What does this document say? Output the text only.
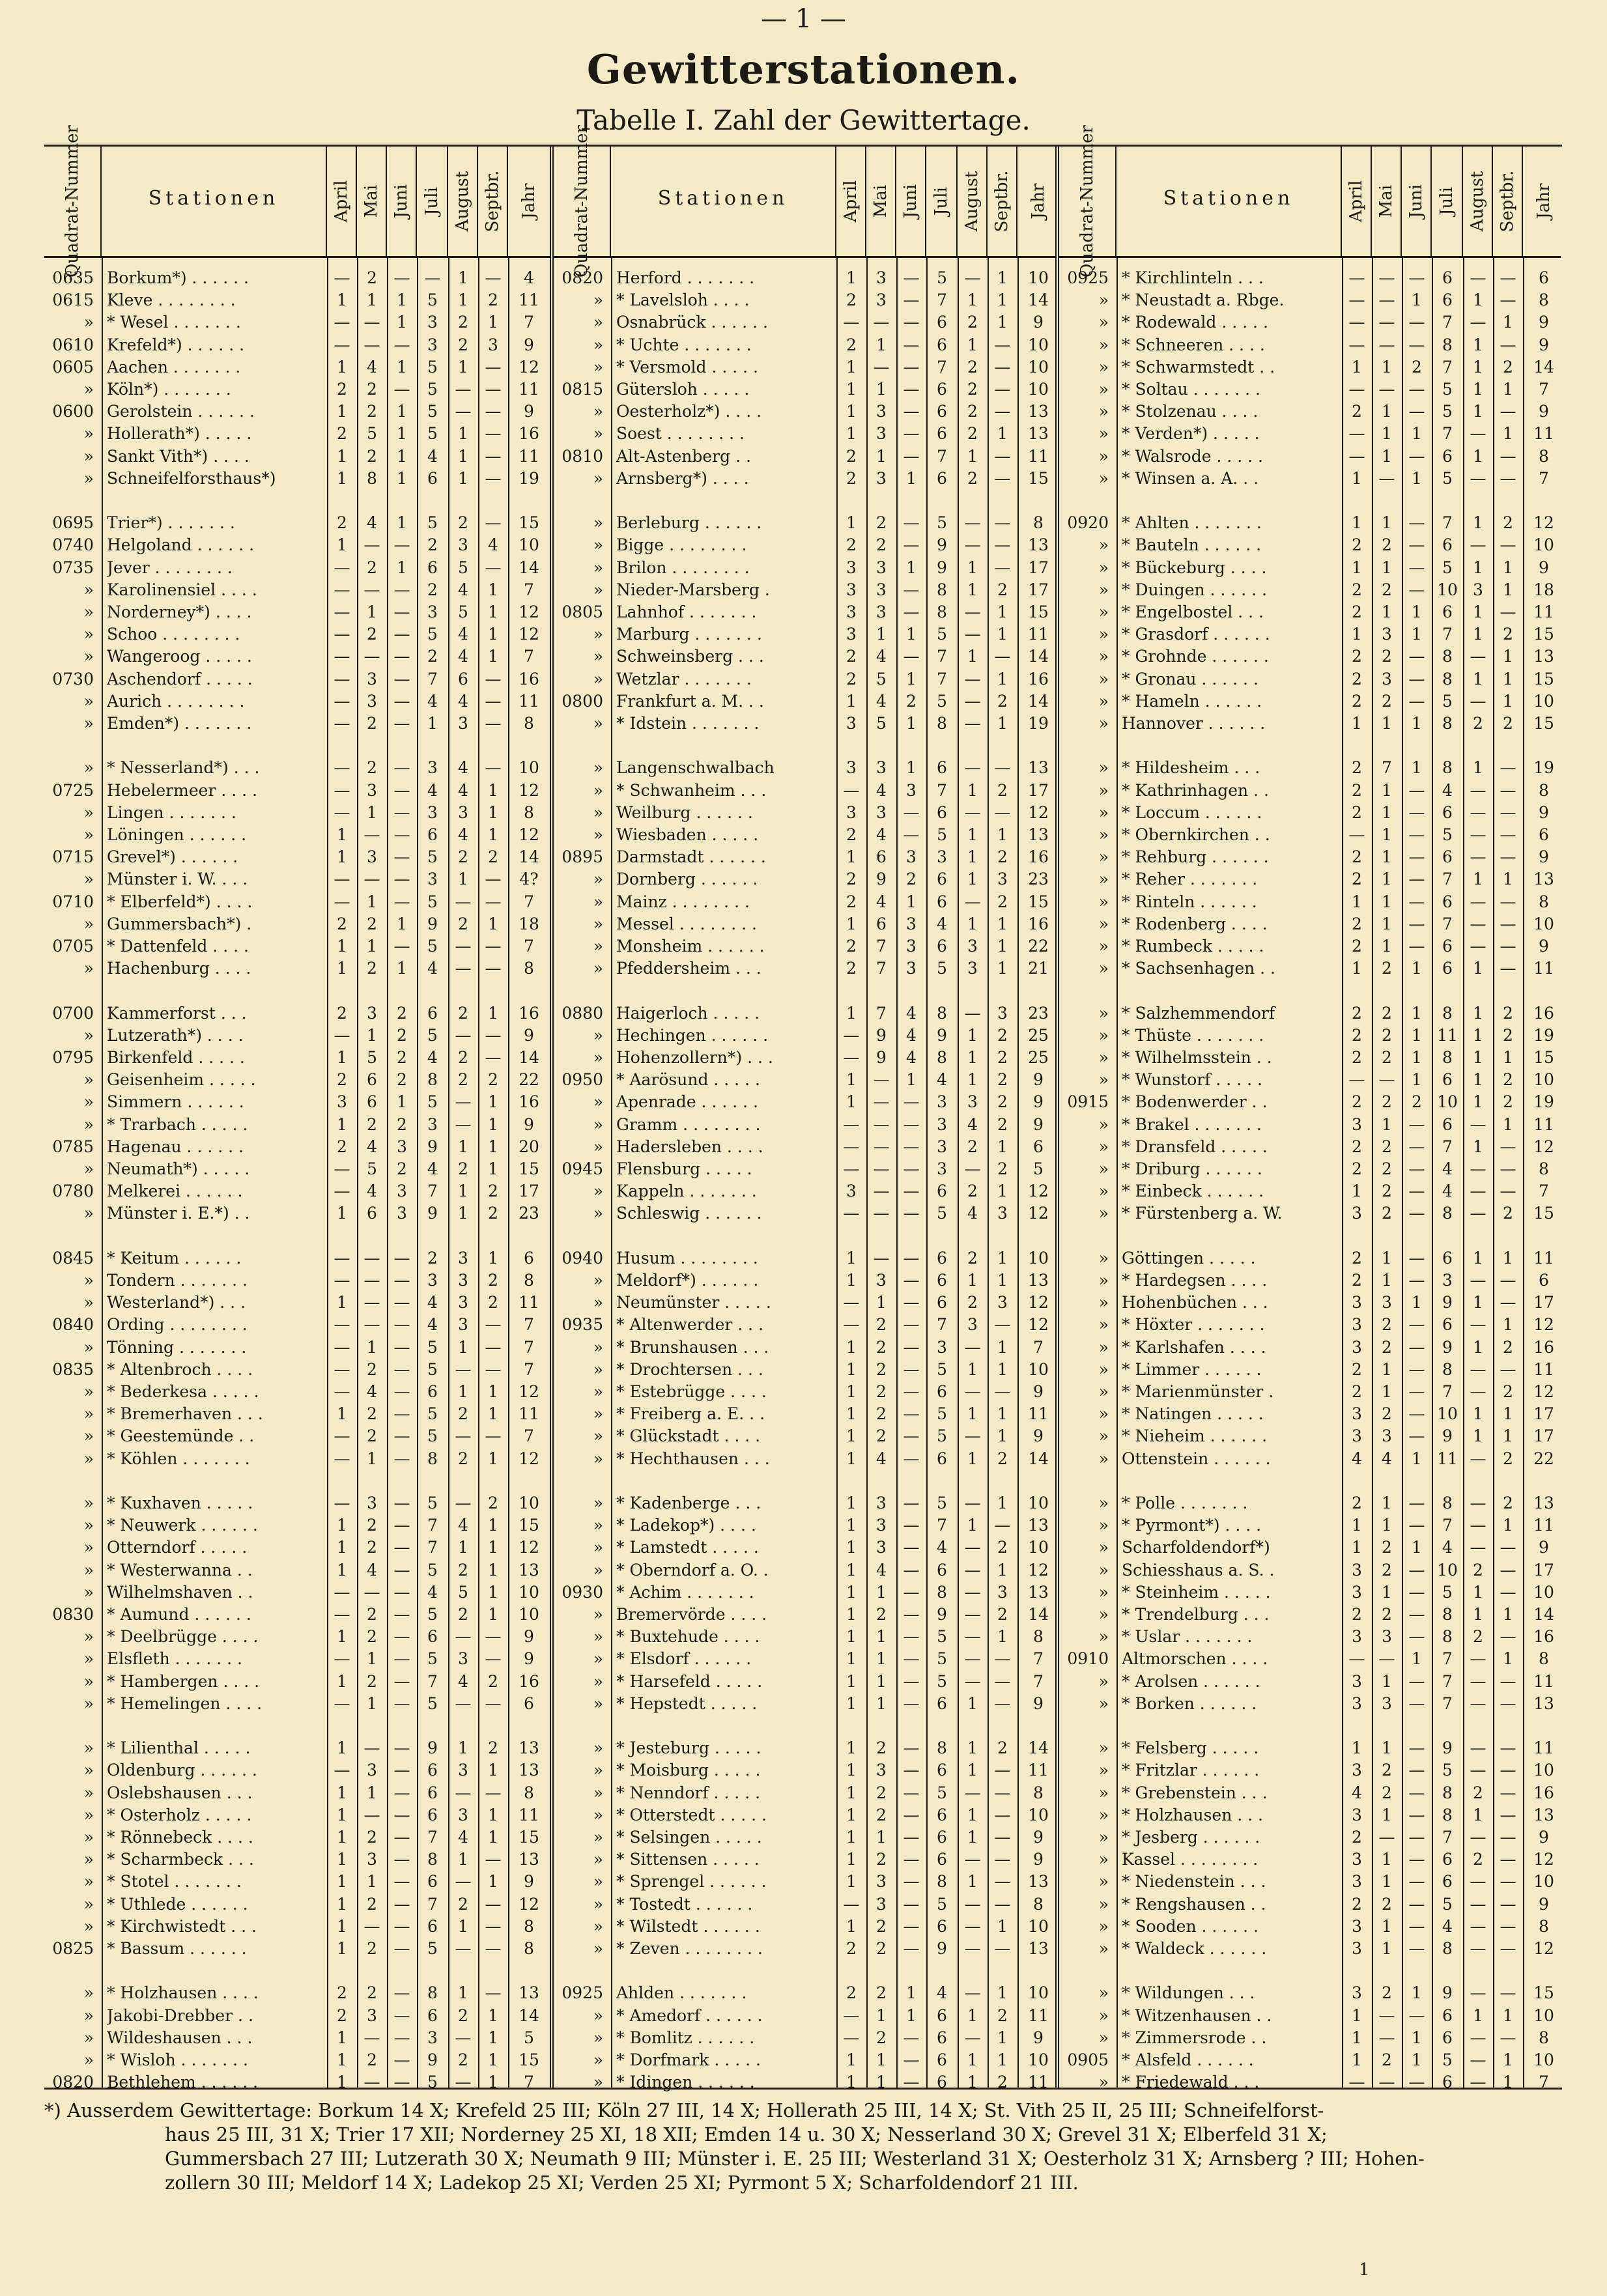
— 1 —
Gewitterstationen.
Tabelle I. Zahl der Gewittertage.
Quadrat-Nummer	Stationen	April Mai Juni Juli August Septbr. Jahr
0635 Borkum*) . . . . . .	—	2	— —	1	—	4
0615 Kleve . . . . . . . .	1	1	1	5	1	2	11
» * Wesel . . . . . . .	— —	1	3	2	1	7
0610 Krefeld*) . . . . . .	— — —	3	2	3	9
0605 Aachen . . . . . . .	1	4	1	5	1	—	12
» Köln*) . . . . . . .	2	2	—	5	— —	11
0600 Gerolstein . . . . . .	1	2	1	5	— —	9
» Hollerath*) . . . . .	2	5	1	5	1	—	16
» Sankt Vith*) . . . .	1	2	1	4	1	—	11
» Schneifelforsthaus*)	1	8	1	6	1	—	19
0695 Trier*) . . . . . . .	2	4	1	5	2	—	15
0740 Helgoland . . . . . .	1	— —	2	3	4	10
0735 Jever . . . . . . . .	—	2	1	6	5	—	14
» Karolinensiel . . . .	— — —	2	4	1	7
» Norderney*) . . . .	—	1	—	3	5	1	12
» Schoo . . . . . . . .	—	2	—	5	4	1	12
» Wangeroog . . . . .	— — —	2	4	1	7
0730 Aschendorf . . . . .	—	3	—	7	6	—	16
» Aurich . . . . . . . .	—	3	—	4	4	—	11
» Emden*) . . . . . . .	—	2	—	1	3	—	8
» * Nesserland*) . . .	—	2	—	3	4	—	10
0725 Hebelermeer . . . .	—	3	—	4	4	1	12
» Lingen . . . . . . .	—	1	—	3	3	1	8
» Löningen . . . . . .	1	— —	6	4	1	12
0715 Grevel*) . . . . . .	1	3	—	5	2	2	14
» Münster i. W. . . .	— — —	3	1	—	4?
0710 * Elberfeld*) . . . .	—	1	—	5	— —	7
» Gummersbach*) .	2	2	1	9	2	1	18
0705 * Dattenfeld . . . .	1	1	—	5	— —	7
» Hachenburg . . . .	1	2	1	4	— —	8
0700 Kammerforst . . .	2	3	2	6	2	1	16
» Lutzerath*) . . . .	—	1	2	5	— —	9
0795 Birkenfeld . . . . .	1	5	2	4	2	—	14
» Geisenheim . . . . .	2	6	2	8	2	2	22
» Simmern . . . . . .	3	6	1	5	—	1	16
» * Trarbach . . . . .	1	2	2	3	—	1	9
0785 Hagenau . . . . . .	2	4	3	9	1	1	20
» Neumath*) . . . . .	—	5	2	4	2	1	15
0780 Melkerei . . . . . .	—	4	3	7	1	2	17
» Münster i. E.*) . .	1	6	3	9	1	2	23
0845 * Keitum . . . . . .	— — —	2	3	1	6
» Tondern . . . . . . .	— — —	3	3	2	8
» Westerland*) . . .	1	— —	4	3	2	11
0840 Ording . . . . . . . .	— — —	4	3	—	7
» Tönning . . . . . . .	—	1	—	5	1	—	7
0835 * Altenbroch . . . .	—	2	—	5	— —	7
» * Bederkesa . . . . .	—	4	—	6	1	1	12
» * Bremerhaven . . .	1	2	—	5	2	1	11
» * Geestemünde . .	—	2	—	5	— —	7
» * Köhlen . . . . . . .	—	1	—	8	2	1	12
» * Kuxhaven . . . . .	—	3	—	5	—	2	10
» * Neuwerk . . . . . .	1	2	—	7	4	1	15
» Otterndorf . . . . .	1	2	—	7	1	1	12
» * Westerwanna . .	1	4	—	5	2	1	13
» Wilhelmshaven . .	— — —	4	5	1	10
0830 * Aumund . . . . . .	—	2	—	5	2	1	10
» * Deelbrügge . . . .	1	2	—	6	— —	9
» Elsfleth . . . . . . .	—	1	—	5	3	—	9
» * Hambergen . . . .	1	2	—	7	4	2	16
» * Hemelingen . . . .	—	1	—	5	— —	6
» * Lilienthal . . . . .	1	— —	9	1	2	13
» Oldenburg . . . . . .	—	3	—	6	3	1	13
» Oslebshausen . . .	1	1	—	6	— —	8
» * Osterholz . . . . .	1	— —	6	3	1	11
» * Rönnebeck . . . .	1	2	—	7	4	1	15
» * Scharmbeck . . .	1	3	—	8	1	—	13
» * Stotel . . . . . . .	1	1	—	6	—	1	9
» * Uthlede . . . . . .	1	2	—	7	2	—	12
» * Kirchwistedt . . .	1	— —	6	1	—	8
0825 * Bassum . . . . . .	1	2	—	5	— —	8
» * Holzhausen . . . .	2	2	—	8	1	—	13
» Jakobi-Drebber . .	2	3	—	6	2	1	14
» Wildeshausen . . .	1	— —	3	—	1	5
» * Wisloh . . . . . . .	1	2	—	9	2	1	15
0820 Bethlehem . . . . . .	1	— —	5	—	1	7
Quadrat-Nummer	Stationen	April Mai Juni Juli August Septbr. Jahr
0820 Herford . . . . . . .	1	3	—	5	—	1	10
» * Lavelsloh . . . .	2	3	—	7	1	1	14
» Osnabrück . . . . . .	— — —	6	2	1	9
» * Uchte . . . . . . .	2	1	—	6	1	—	10
» * Versmold . . . . .	1	— —	7	2	—	10
0815 Gütersloh . . . . .	1	1	—	6	2	—	10
» Oesterholz*) . . . .	1	3	—	6	2	—	13
» Soest . . . . . . . .	1	3	—	6	2	1	13
0810 Alt-Astenberg . .	2	1	—	7	1	—	11
» Arnsberg*) . . . .	2	3	1	6	2	—	15
» Berleburg . . . . . .	1	2	—	5	— —	8
» Bigge . . . . . . . .	2	2	—	9	— —	13
» Brilon . . . . . . . .	3	3	1	9	1	—	17
» Nieder-Marsberg .	3	3	—	8	1	2	17
0805 Lahnhof . . . . . . .	3	3	—	8	—	1	15
» Marburg . . . . . . .	3	1	1	5	—	1	11
» Schweinsberg . . .	2	4	—	7	1	—	14
» Wetzlar . . . . . . .	2	5	1	7	—	1	16
0800 Frankfurt a. M. . .	1	4	2	5	—	2	14
» * Idstein . . . . . . .	3	5	1	8	—	1	19
» Langenschwalbach	3	3	1	6	— —	13
» * Schwanheim . . .	—	4	3	7	1	2	17
» Weilburg . . . . . .	3	3	—	6	— —	12
» Wiesbaden . . . . .	2	4	—	5	1	1	13
0895 Darmstadt . . . . . .	1	6	3	3	1	2	16
» Dornberg . . . . . .	2	9	2	6	1	3	23
» Mainz . . . . . . . .	2	4	1	6	—	2	15
» Messel . . . . . . . .	1	6	3	4	1	1	16
» Monsheim . . . . . .	2	7	3	6	3	1	22
» Pfeddersheim . . .	2	7	3	5	3	1	21
0880 Haigerloch . . . . .	1	7	4	8	—	3	23
» Hechingen . . . . . .	—	9	4	9	1	2	25
» Hohenzollern*) . . .	—	9	4	8	1	2	25
0950 * Aarösund . . . . .	1	—	1	4	1	2	9
» Apenrade . . . . . .	1	— —	3	3	2	9
» Gramm . . . . . . . .	— — —	3	4	2	9
» Hadersleben . . . .	— — —	3	2	1	6
0945 Flensburg . . . . .	— — —	3	—	2	5
» Kappeln . . . . . . .	3	— —	6	2	1	12
» Schleswig . . . . . .	— — —	5	4	3	12
0940 Husum . . . . . . . .	1	— —	6	2	1	10
» Meldorf*) . . . . . .	1	3	—	6	1	1	13
» Neumünster . . . . .	—	1	—	6	2	3	12
0935 * Altenwerder . . .	—	2	—	7	3	—	12
» * Brunshausen . . .	1	2	—	3	—	1	7
» * Drochtersen . . .	1	2	—	5	1	1	10
» * Estebrügge . . . .	1	2	—	6	— —	9
» * Freiberg a. E. . .	1	2	—	5	1	1	11
» * Glückstadt . . . .	1	2	—	5	—	1	9
» * Hechthausen . . .	1	4	—	6	1	2	14
» * Kadenberge . . .	1	3	—	5	—	1	10
» * Ladekop*) . . . .	1	3	—	7	1	—	13
» * Lamstedt . . . . .	1	3	—	4	—	2	10
» * Oberndorf a. O. .	1	4	—	6	—	1	12
0930 * Achim . . . . . . .	1	1	—	8	—	3	13
» Bremervörde . . . .	1	2	—	9	—	2	14
» * Buxtehude . . . .	1	1	—	5	—	1	8
» * Elsdorf . . . . . .	1	1	—	5	— —	7
» * Harsefeld . . . . .	1	1	—	5	— —	7
» * Hepstedt . . . . .	1	1	—	6	1	—	9
» * Jesteburg . . . . .	1	2	—	8	1	2	14
» * Moisburg . . . . .	1	3	—	6	1	—	11
» * Nenndorf . . . . .	1	2	—	5	— —	8
» * Otterstedt . . . . .	1	2	—	6	1	—	10
» * Selsingen . . . . .	1	1	—	6	1	—	9
» * Sittensen . . . . .	1	2	—	6	— —	9
» * Sprengel . . . . . .	1	3	—	8	1	—	13
» * Tostedt . . . . . .	—	3	—	5	— —	8
» * Wilstedt . . . . . .	1	2	—	6	—	1	10
» * Zeven . . . . . . . .	2	2	—	9	— —	13
0925 Ahlden . . . . . . .	2	2	1	4	—	1	10
» * Amedorf . . . . . .	—	1	1	6	1	2	11
» * Bomlitz . . . . . .	—	2	—	6	—	1	9
» * Dorfmark . . . . .	1	1	—	6	1	1	10
» * Idingen . . . . . .	1	1	—	6	1	2	11
Quadrat-Nummer	Stationen	April Mai Juni Juli August Septbr. Jahr
0925 * Kirchlinteln . . .	— — —	6	— —	6
» * Neustadt a. Rbge.	— —	1	6	1	—	8
» * Rodewald . . . . .	— — —	7	—	1	9
» * Schneeren . . . .	— — —	8	1	—	9
» * Schwarmstedt . .	1	1	2	7	1	2	14
» * Soltau . . . . . . .	— — —	5	1	1	7
» * Stolzenau . . . .	2	1	—	5	1	—	9
» * Verden*) . . . . .	—	1	1	7	—	1	11
» * Walsrode . . . . .	—	1	—	6	1	—	8
» * Winsen a. A. . .	1	—	1	5	— —	7
0920 * Ahlten . . . . . . .	1	1	—	7	1	2	12
» * Bauteln . . . . . .	2	2	—	6	— —	10
» * Bückeburg . . . .	1	1	—	5	1	1	9
» * Duingen . . . . . .	2	2	— 10 3	1	18
» * Engelbostel . . .	2	1	1	6	1	—	11
» * Grasdorf . . . . . .	1	3	1	7	1	2	15
» * Grohnde . . . . . .	2	2	—	8	—	1	13
» * Gronau . . . . . .	2	3	—	8	1	1	15
» * Hameln . . . . . .	2	2	—	5	—	1	10
» Hannover . . . . . .	1	1	1	8	2	2	15
» * Hildesheim . . .	2	7	1	8	1	—	19
» * Kathrinhagen . .	2	1	—	4	— —	8
» * Loccum . . . . . .	2	1	—	6	— —	9
» * Obernkirchen . .	—	1	—	5	— —	6
» * Rehburg . . . . . .	2	1	—	6	— —	9
» * Reher . . . . . . .	2	1	—	7	1	1	13
» * Rinteln . . . . . .	1	1	—	6	— —	8
» * Rodenberg . . . .	2	1	—	7	— —	10
» * Rumbeck . . . . .	2	1	—	6	— —	9
» * Sachsenhagen . .	1	2	1	6	1	—	11
» * Salzhemmendorf	2	2	1	8	1	2	16
» * Thüste . . . . . . .	2	2	1 11 1	2	19
» * Wilhelmsstein . .	2	2	1	8	1	1	15
» * Wunstorf . . . . .	— —	1	6	1	2	10
0915 * Bodenwerder . .	2	2	2 10 1	2	19
» * Brakel . . . . . . .	3	1	—	6	—	1	11
» * Dransfeld . . . . .	2	2	—	7	1	—	12
» * Driburg . . . . . .	2	2	—	4	— —	8
» * Einbeck . . . . . .	1	2	—	4	— —	7
» * Fürstenberg a. W.	3	2	—	8	—	2	15
» Göttingen . . . . .	2	1	—	6	1	1	11
» * Hardegsen . . . .	2	1	—	3	— —	6
» Hohenbüchen . . .	3	3	1	9	1	—	17
» * Höxter . . . . . . .	3	2	—	6	—	1	12
» * Karlshafen . . . .	3	2	—	9	1	2	16
» * Limmer . . . . . .	2	1	—	8	— —	11
» * Marienmünster .	2	1	—	7	—	2	12
» * Natingen . . . . .	3	2	— 10 1	1	17
» * Nieheim . . . . . .	3	3	—	9	1	1	17
» Ottenstein . . . . . .	4	4	1 11 —	2	22
» * Polle . . . . . . .	2	1	—	8	—	2	13
» * Pyrmont*) . . . .	1	1	—	7	—	1	11
» Scharfoldendorf*)	1	2	1	4	— —	9
» Schiesshaus a. S. .	3	2	— 10 2	—	17
» * Steinheim . . . . .	3	1	—	5	1	—	10
» * Trendelburg . . .	2	2	—	8	1	1	14
» * Uslar . . . . . . .	3	3	—	8	2	—	16
0910 Altmorschen . . . .	— —	1	7	—	1	8
» * Arolsen . . . . . .	3	1	—	7	— —	11
» * Borken . . . . . .	3	3	—	7	— —	13
» * Felsberg . . . . .	1	1	—	9	— —	11
» * Fritzlar . . . . . .	3	2	—	5	— —	10
» * Grebenstein . . .	4	2	—	8	2	—	16
» * Holzhausen . . .	3	1	—	8	1	—	13
» * Jesberg . . . . . .	2	— —	7	— —	9
» Kassel . . . . . . . .	3	1	—	6	2	—	12
» * Niedenstein . . .	3	1	—	6	— —	10
» * Rengshausen . .	2	2	—	5	— —	9
» * Sooden . . . . . .	3	1	—	4	— —	8
» * Waldeck . . . . . .	3	1	—	8	— —	12
» * Wildungen . . .	3	2	1	9	— —	15
» * Witzenhausen . .	1	— —	6	1	1	10
» * Zimmersrode . .	1	—	1	6	— —	8
0905 * Alsfeld . . . . . .	1	2	1	5	—	1	10
» * Friedewald . . .	— — —	6	—	1	7
*) Ausserdem Gewittertage: Borkum 14 X; Krefeld 25 III; Köln 27 III, 14 X; Hollerath 25 III, 14 X; St. Vith 25 II, 25 III; Schneifelforst-
haus 25 III, 31 X; Trier 17 XII; Norderney 25 XI, 18 XII; Emden 14 u. 30 X; Nesserland 30 X; Grevel 31 X; Elberfeld 31 X;
Gummersbach 27 III; Lutzerath 30 X; Neumath 9 III; Münster i. E. 25 III; Westerland 31 X; Oesterholz 31 X; Arnsberg ? III; Hohen-
zollern 30 III; Meldorf 14 X; Ladekop 25 XI; Verden 25 XI; Pyrmont 5 X; Scharfoldendorf 21 III.
1
